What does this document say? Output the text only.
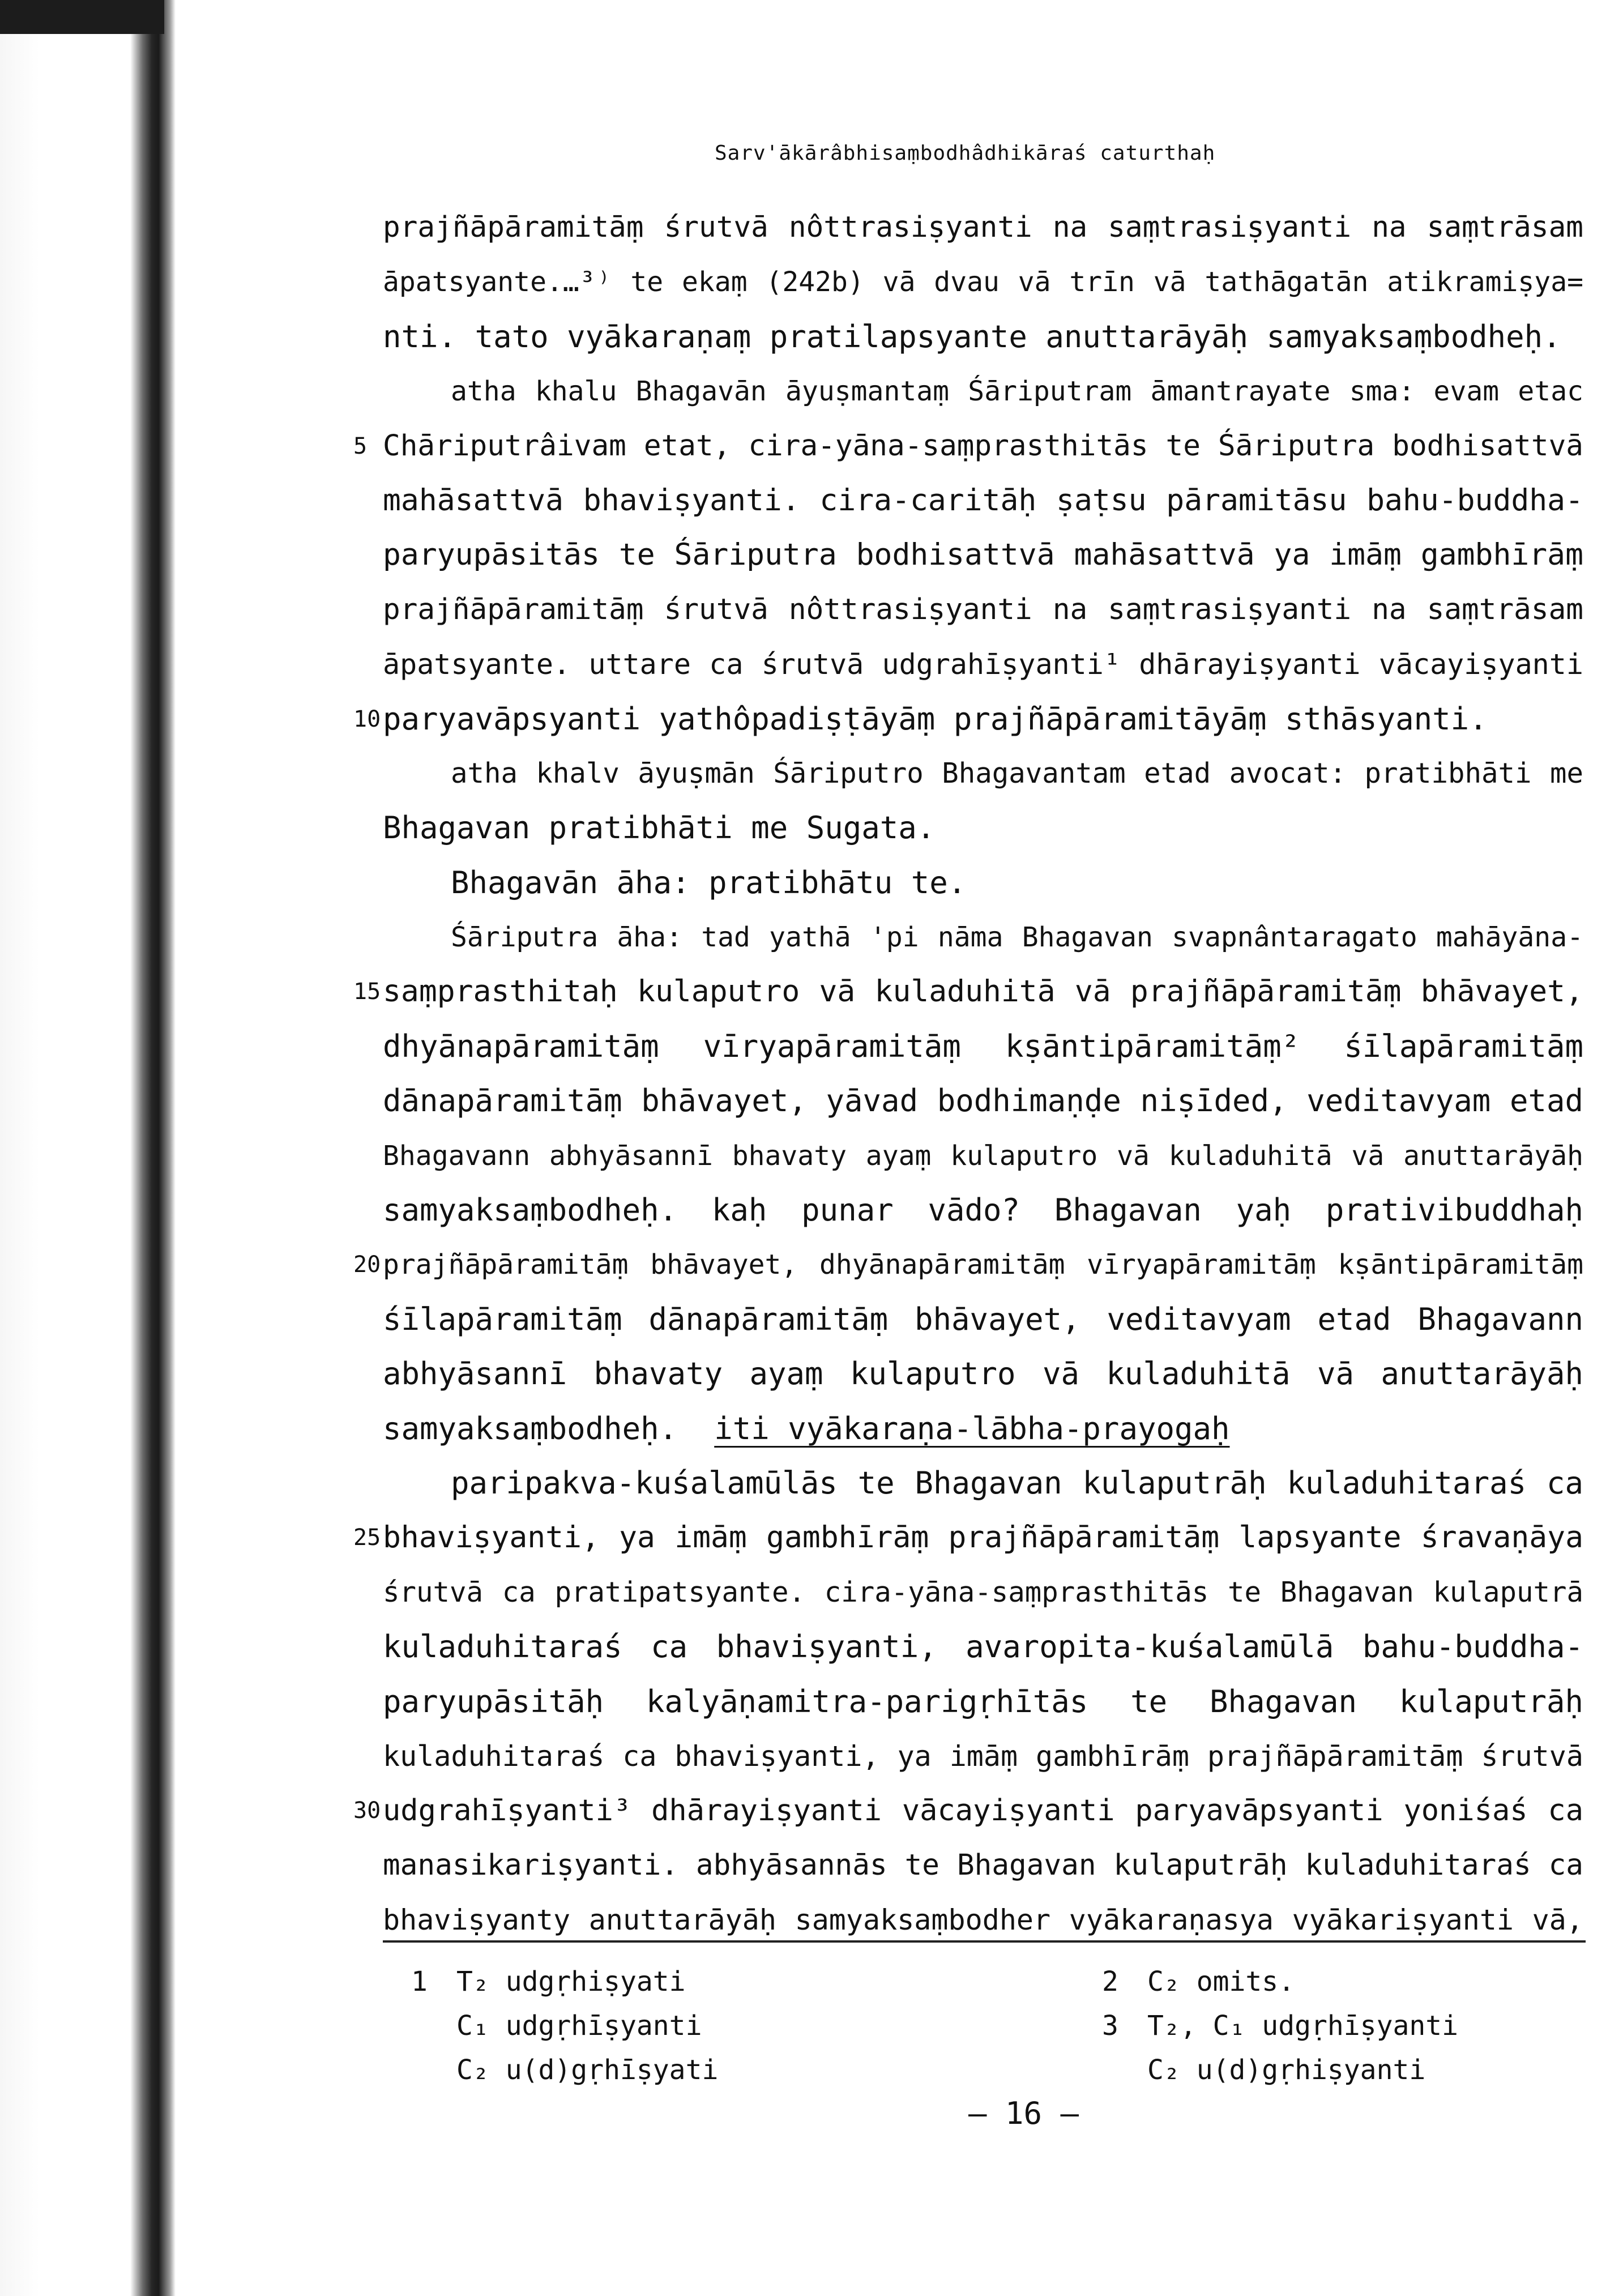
Sarv'ākārâbhisaṃbodhâdhikāraś caturthaḥ
prajñāpāramitāṃ śrutvā nôttrasiṣyanti na saṃtrasiṣyanti na saṃtrāsam
āpatsyante.…³⁾ te ekaṃ (242b) vā dvau vā trīn vā tathāgatān atikramiṣya=
nti. tato vyākaraṇaṃ pratilapsyante anuttarāyāḥ samyaksaṃbodheḥ.
atha khalu Bhagavān āyuṣmantaṃ Śāriputram āmantrayate sma: evam etac
5 Chāriputrâivam etat, cira-yāna-saṃprasthitās te Śāriputra bodhisattvā
mahāsattvā bhaviṣyanti. cira-caritāḥ ṣaṭsu pāramitāsu bahu-buddha-
paryupāsitās te Śāriputra bodhisattvā mahāsattvā ya imāṃ gambhīrāṃ
prajñāpāramitāṃ śrutvā nôttrasiṣyanti na saṃtrasiṣyanti na saṃtrāsam
āpatsyante. uttare ca śrutvā udgrahīṣyanti¹ dhārayiṣyanti vācayiṣyanti
10 paryavāpsyanti yathôpadiṣṭāyāṃ prajñāpāramitāyāṃ sthāsyanti.
atha khalv āyuṣmān Śāriputro Bhagavantam etad avocat: pratibhāti me
Bhagavan pratibhāti me Sugata.
Bhagavān āha: pratibhātu te.
Śāriputra āha: tad yathā 'pi nāma Bhagavan svapnântaragato mahāyāna-
15 saṃprasthitaḥ kulaputro vā kuladuhitā vā prajñāpāramitāṃ bhāvayet,
dhyānapāramitāṃ vīryapāramitāṃ kṣāntipāramitāṃ² śīlapāramitāṃ
dānapāramitāṃ bhāvayet, yāvad bodhimaṇḍe niṣīded, veditavyam etad
Bhagavann abhyāsannī bhavaty ayaṃ kulaputro vā kuladuhitā vā anuttarāyāḥ
samyaksaṃbodheḥ. kaḥ punar vādo? Bhagavan yaḥ prativibuddhaḥ
20 prajñāpāramitāṃ bhāvayet, dhyānapāramitāṃ vīryapāramitāṃ kṣāntipāramitāṃ
śīlapāramitāṃ dānapāramitāṃ bhāvayet, veditavyam etad Bhagavann
abhyāsannī bhavaty ayaṃ kulaputro vā kuladuhitā vā anuttarāyāḥ
samyaksaṃbodheḥ. iti vyākaraṇa-lābha-prayogaḥ
paripakva-kuśalamūlās te Bhagavan kulaputrāḥ kuladuhitaraś ca
25 bhaviṣyanti, ya imāṃ gambhīrāṃ prajñāpāramitāṃ lapsyante śravaṇāya
śrutvā ca pratipatsyante. cira-yāna-saṃprasthitās te Bhagavan kulaputrā
kuladuhitaraś ca bhaviṣyanti, avaropita-kuśalamūlā bahu-buddha-
paryupāsitāḥ kalyāṇamitra-parigṛhītās te Bhagavan kulaputrāḥ
kuladuhitaraś ca bhaviṣyanti, ya imāṃ gambhīrāṃ prajñāpāramitāṃ śrutvā
30 udgrahīṣyanti³ dhārayiṣyanti vācayiṣyanti paryavāpsyanti yoniśaś ca
manasikariṣyanti. abhyāsannās te Bhagavan kulaputrāḥ kuladuhitaraś ca
bhaviṣyanty anuttarāyāḥ samyaksaṃbodher vyākaraṇasya vyākariṣyanti vā,
1 T₂ udgṛhiṣyati
C₁ udgṛhīṣyanti
C₂ u(d)gṛhīṣyati
2 C₂ omits.
3 T₂, C₁ udgṛhīṣyanti
C₂ u(d)gṛhiṣyanti
— 16 —
